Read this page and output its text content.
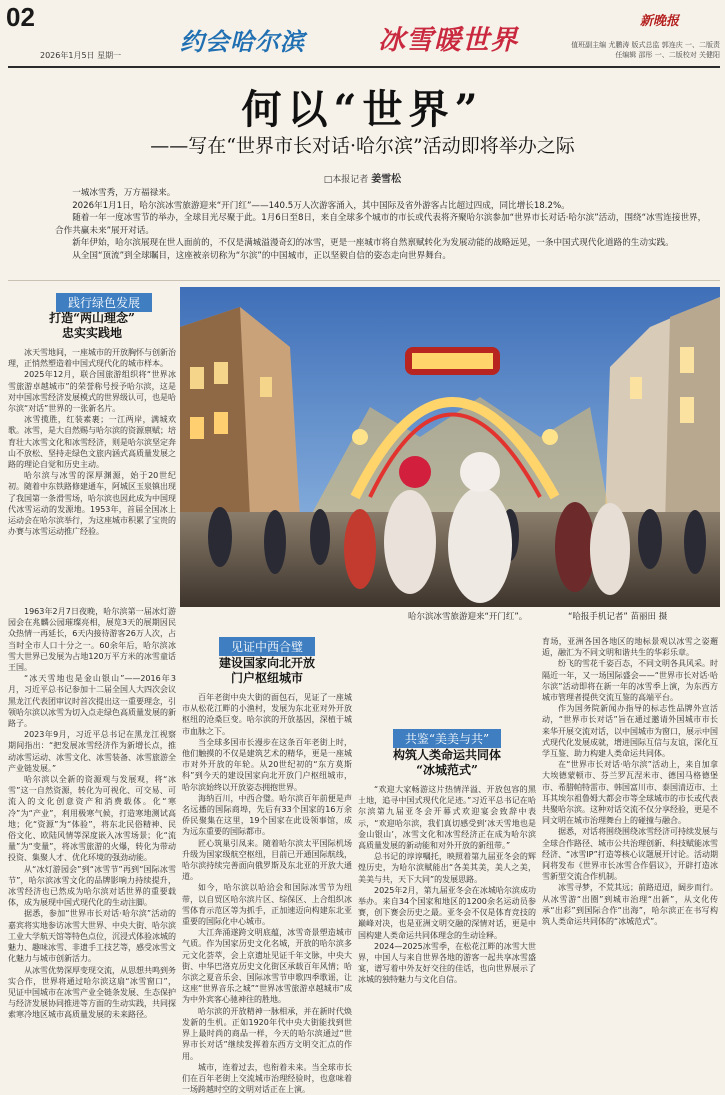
02
2026年1月5日 星期一 约会哈尔滨	冰雪暖世界
新晚报
值班副主编 尤鹏涛 版式总监 郭连庆 一、二版责任编辑 邵彤 一、二版校对 关健阳
何以“世界”
——写在“世界市长对话·哈尔滨”活动即将举办之际
□本报记者 姜雪松

一城冰雪秀，万方福禄来。

2026年1月1日，哈尔滨冰雪旅游迎来“开门红”——140.5万人次游客涌入，其中国际及省外游客占比超过四成，同比增长18.2%。

随着一年一度冰雪节的举办，全球目光尽聚于此。1月6日至8日，来自全球多个城市的市长或代表将齐聚哈尔滨参加“世界市长对话·哈尔滨”活动，围绕“冰雪连接世界，合作共赢未来”展开对话。

新年伊始，哈尔滨展现在世人面前的，不仅是满城溢漫奇幻的冰雪，更是一座城市将自然禀赋转化为发展动能的战略远见，一条中国式现代化道路的生动实践。

从全国“顶流”到全球瞩目，这座被亲切称为“尔滨”的中国城市，正以坚毅自信的姿态走向世界舞台。

哈尔滨冰雪旅游迎来“开门红”。	“哈报手机记者” 苗丽田 摄
践行绿色发展
打造“两山理念”
忠实实践地

冰天雪地间，一座城市的开放胸怀与创新治理，正悄然塑造着中国式现代化的城市样本。

2025年12月，联合国旅游组织将“世界冰雪旅游卓越城市”的荣誉称号授予哈尔滨，这是对中国冰雪经济发展模式的世界级认可，也是哈尔滨“对话”世界的一张新名片。

冰雪揽胜，红装素裹；一江两岸，满城欢歌。冰雪，是大自然赐与哈尔滨的资源禀赋；培育壮大冰雪文化和冰雪经济，则是哈尔滨坚定奔山不放松、坚持走绿色文旅内涵式高质量发展之路的理论自觉和历史主动。

哈尔滨与冰雪的深厚渊源，始于20世纪初。随着中东铁路修建通车，阿城区玉泉镇出现了我国第一条滑雪场，哈尔滨也因此成为中国现代冰雪运动的发源地。1953年，首届全国冰上运动会在哈尔滨举行，为这座城市积累了宝贵的办赛与冰雪运动推广经验。

1963年2月7日夜晚，哈尔滨第一届冰灯游园会在兆麟公园璀璨亮相，展览3天的展期因民众热情一再延长，6天内接待游客26万人次，占当时全市人口十分之一。60余年后，哈尔滨冰雪大世界已发展为占地120万平方米的冰雪童话王国。

“冰天雪地也是金山银山”——2016年3月，习近平总书记参加十二届全国人大四次会议黑龙江代表团审议时首次提出这一重要理念，引领哈尔滨以冰雪为切入点走绿色高质量发展的新路子。

2023年9月，习近平总书记在黑龙江视察期间指出：“把发展冰雪经济作为新增长点，推动冰雪运动、冰雪文化、冰雪装备、冰雪旅游全产业链发展。”

哈尔滨以全新的资源观与发展观，将“冰雪”这一自然资源，转化为可视化、可交易、可流入的文化创意资产和消费载体。化“寒冷”为“产业”，利用极寒气候，打造寒地测试高地；化“资源”为“体验”，将东北民俗精神、民俗文化、欧陆风情等深度嵌入冰雪场景；化“流量”为“变量”，将冰雪旅游的火爆，转化为带动投资、集聚人才、优化环境的强劲动能。

从“冰灯游园会”到“冰雪节”再到“国际冰雪节”，哈尔滨冰雪文化的品牌影响力持续提升，冰雪经济也已然成为哈尔滨对话世界的重要载体，成为展现中国式现代化的生动注脚。

据悉，参加“世界市长对话·哈尔滨”活动的嘉宾将实地参访冰雪大世界、中央大街、哈尔滨工业大学航天馆等特色点位，沉浸式体验冰城的魅力、趣味冰雪、非遗手工技艺等，感受冰雪文化魅力与城市创新活力。

从冰雪优势深厚变现交流，从思想共鸣到务实合作，世界将通过哈尔滨这扇“冰雪窗口”，见证中国城市在冰雪产业全链条发展、生态保护与经济发展协同推进等方面的生动实践，共同探索寒冷地区城市高质量发展的未来路径。

见证中西合璧
建设国家向北开放
门户枢纽城市

百年老街中央大街的面包石，见证了一座城市从松花江畔的小渔村，发展为东北亚对外开放枢纽的沧桑巨变。哈尔滨的开放基因，深植于城市血脉之下。

当全球多国市长漫步在这条百年老街上时，他们触摸的不仅是建筑艺术的精华，更是一座城市对外开放的年轮。从20世纪初的“东方莫斯科”到今天的建设国家向北开放门户枢纽城市，哈尔滨始终以开放姿态拥抱世界。

海纳百川，中西合璧。哈尔滨百年前便是声名远播的国际商埠，先后有33个国家的16万余侨民聚集在这里，19个国家在此设领事馆，成为远东重要的国际都市。

匠心筑巢引凤来。随着哈尔滨太平国际机场升级为国家级航空枢纽，目前已开通国际航线，哈尔滨持续完善面向俄罗斯及东北亚的开放大通道。

如今，哈尔滨以哈洽会和国际冰雪节为纽带，以自贸区哈尔滨片区、综保区、上合组织冰雪体育示范区等为抓手，正加速迈向构建东北亚重要的国际化中心城市。

大江奔涌遂跨文明底蕴，冰雪奇景塑造城市气质。作为国家历史文化名城，开放的哈尔滨多元文化荟萃，会上京遗址见证千年文脉，中央大街、中华巴洛克历史文化街区承载百年风情；哈尔滨之夏音乐会、国际冰雪节申歌四季歌谣，让这座“世界音乐之城”“世界冰雪旅游卓越城市”成为中外宾客心驰神往的胜地。

哈尔滨的开放精神一脉相承，并在新时代焕发新的生机。正如1920年代中央大街能找到世界上最时尚的商品一样，今天的哈尔滨通过“世界市长对话”继续发挥着东西方文明交汇点的作用。

城市，连着过去，也衔着未来。当全球市长们在百年老街上交流城市治理经验时，也意味着一场跨越时空的文明对话正在上演。

共鉴“美美与共”
构筑人类命运共同体
“冰城范式”

“欢迎大家畅游这片热情洋溢、开放包容的黑土地，追寻中国式现代化足迹。”习近平总书记在哈尔滨第九届亚冬会开幕式欢迎宴会致辞中表示，“欢迎哈尔滨，我们真切感受到‘冰天雪地也是金山银山’，冰雪文化和冰雪经济正在成为哈尔滨高质量发展的新动能和对外开放的新纽带。”

总书记的谆谆嘱托，映照着第九届亚冬会的辉煌历史，为哈尔滨赋能出“各美其美，美人之美，美美与共，天下大同”的发展思路。

2025年2月，第九届亚冬会在冰城哈尔滨成功举办。来自34个国家和地区的1200余名运动员参赛，创下赛会历史之最。亚冬会不仅是体育竞技的巅峰对决，也是亚洲文明交融的深情对话，更是中国构建人类命运共同体理念的生动诠释。

2024—2025冰雪季，在松花江畔的冰雪大世界，中国人与来自世界各地的游客一起共享冰雪盛宴，谱写着中外友好交往的佳话，也向世界展示了冰城的独特魅力与文化自信。

育场，亚洲各国各地区的地标景观以冰雪之姿邂逅，融汇为不同文明和谐共生的华彩乐章。

纷飞的雪花千姿百态，不同文明各具风采。时隔近一年，又一场国际盛会——“世界市长对话·哈尔滨”活动即将在新一年的冰雪季上演，为东西方城市管理者提供交流互鉴的高端平台。

作为国务院新闻办指导的标志性品牌外宣活动，“世界市长对话”旨在通过邀请外国城市市长来华开展交流对话，以中国城市为窗口，展示中国式现代化发展成就，增进国际互信与友谊，深化互学互鉴、助力构建人类命运共同体。

在“世界市长对话·哈尔滨”活动上，来自加拿大埃德蒙顿市、芬兰罗瓦涅米市、德国马格德堡市、希腊帕特雷市、韩国富川市、泰国清迈市、土耳其埃尔祖鲁姆大都会市等全球城市的市长或代表共聚哈尔滨。这种对话交流不仅分享经验，更是不同文明在城市治理舞台上的碰撞与融合。

据悉，对话将围绕围绕冰雪经济可持续发展与全球合作路径、城市公共治理创新、科技赋能冰雪经济、“冰雪IP”打造等核心议题展开讨论。活动期间将发布《世界市长冰雪合作倡议》，开辟打造冰雪新型交流合作机制。

冰雪寻梦，不荒其远；前路迢迢，阔步而行。从冰雪游“出圈”到城市治理“出新”，从文化传承“出彩”到国际合作“出海”，哈尔滨正在书写构筑人类命运共同体的“冰城范式”。
